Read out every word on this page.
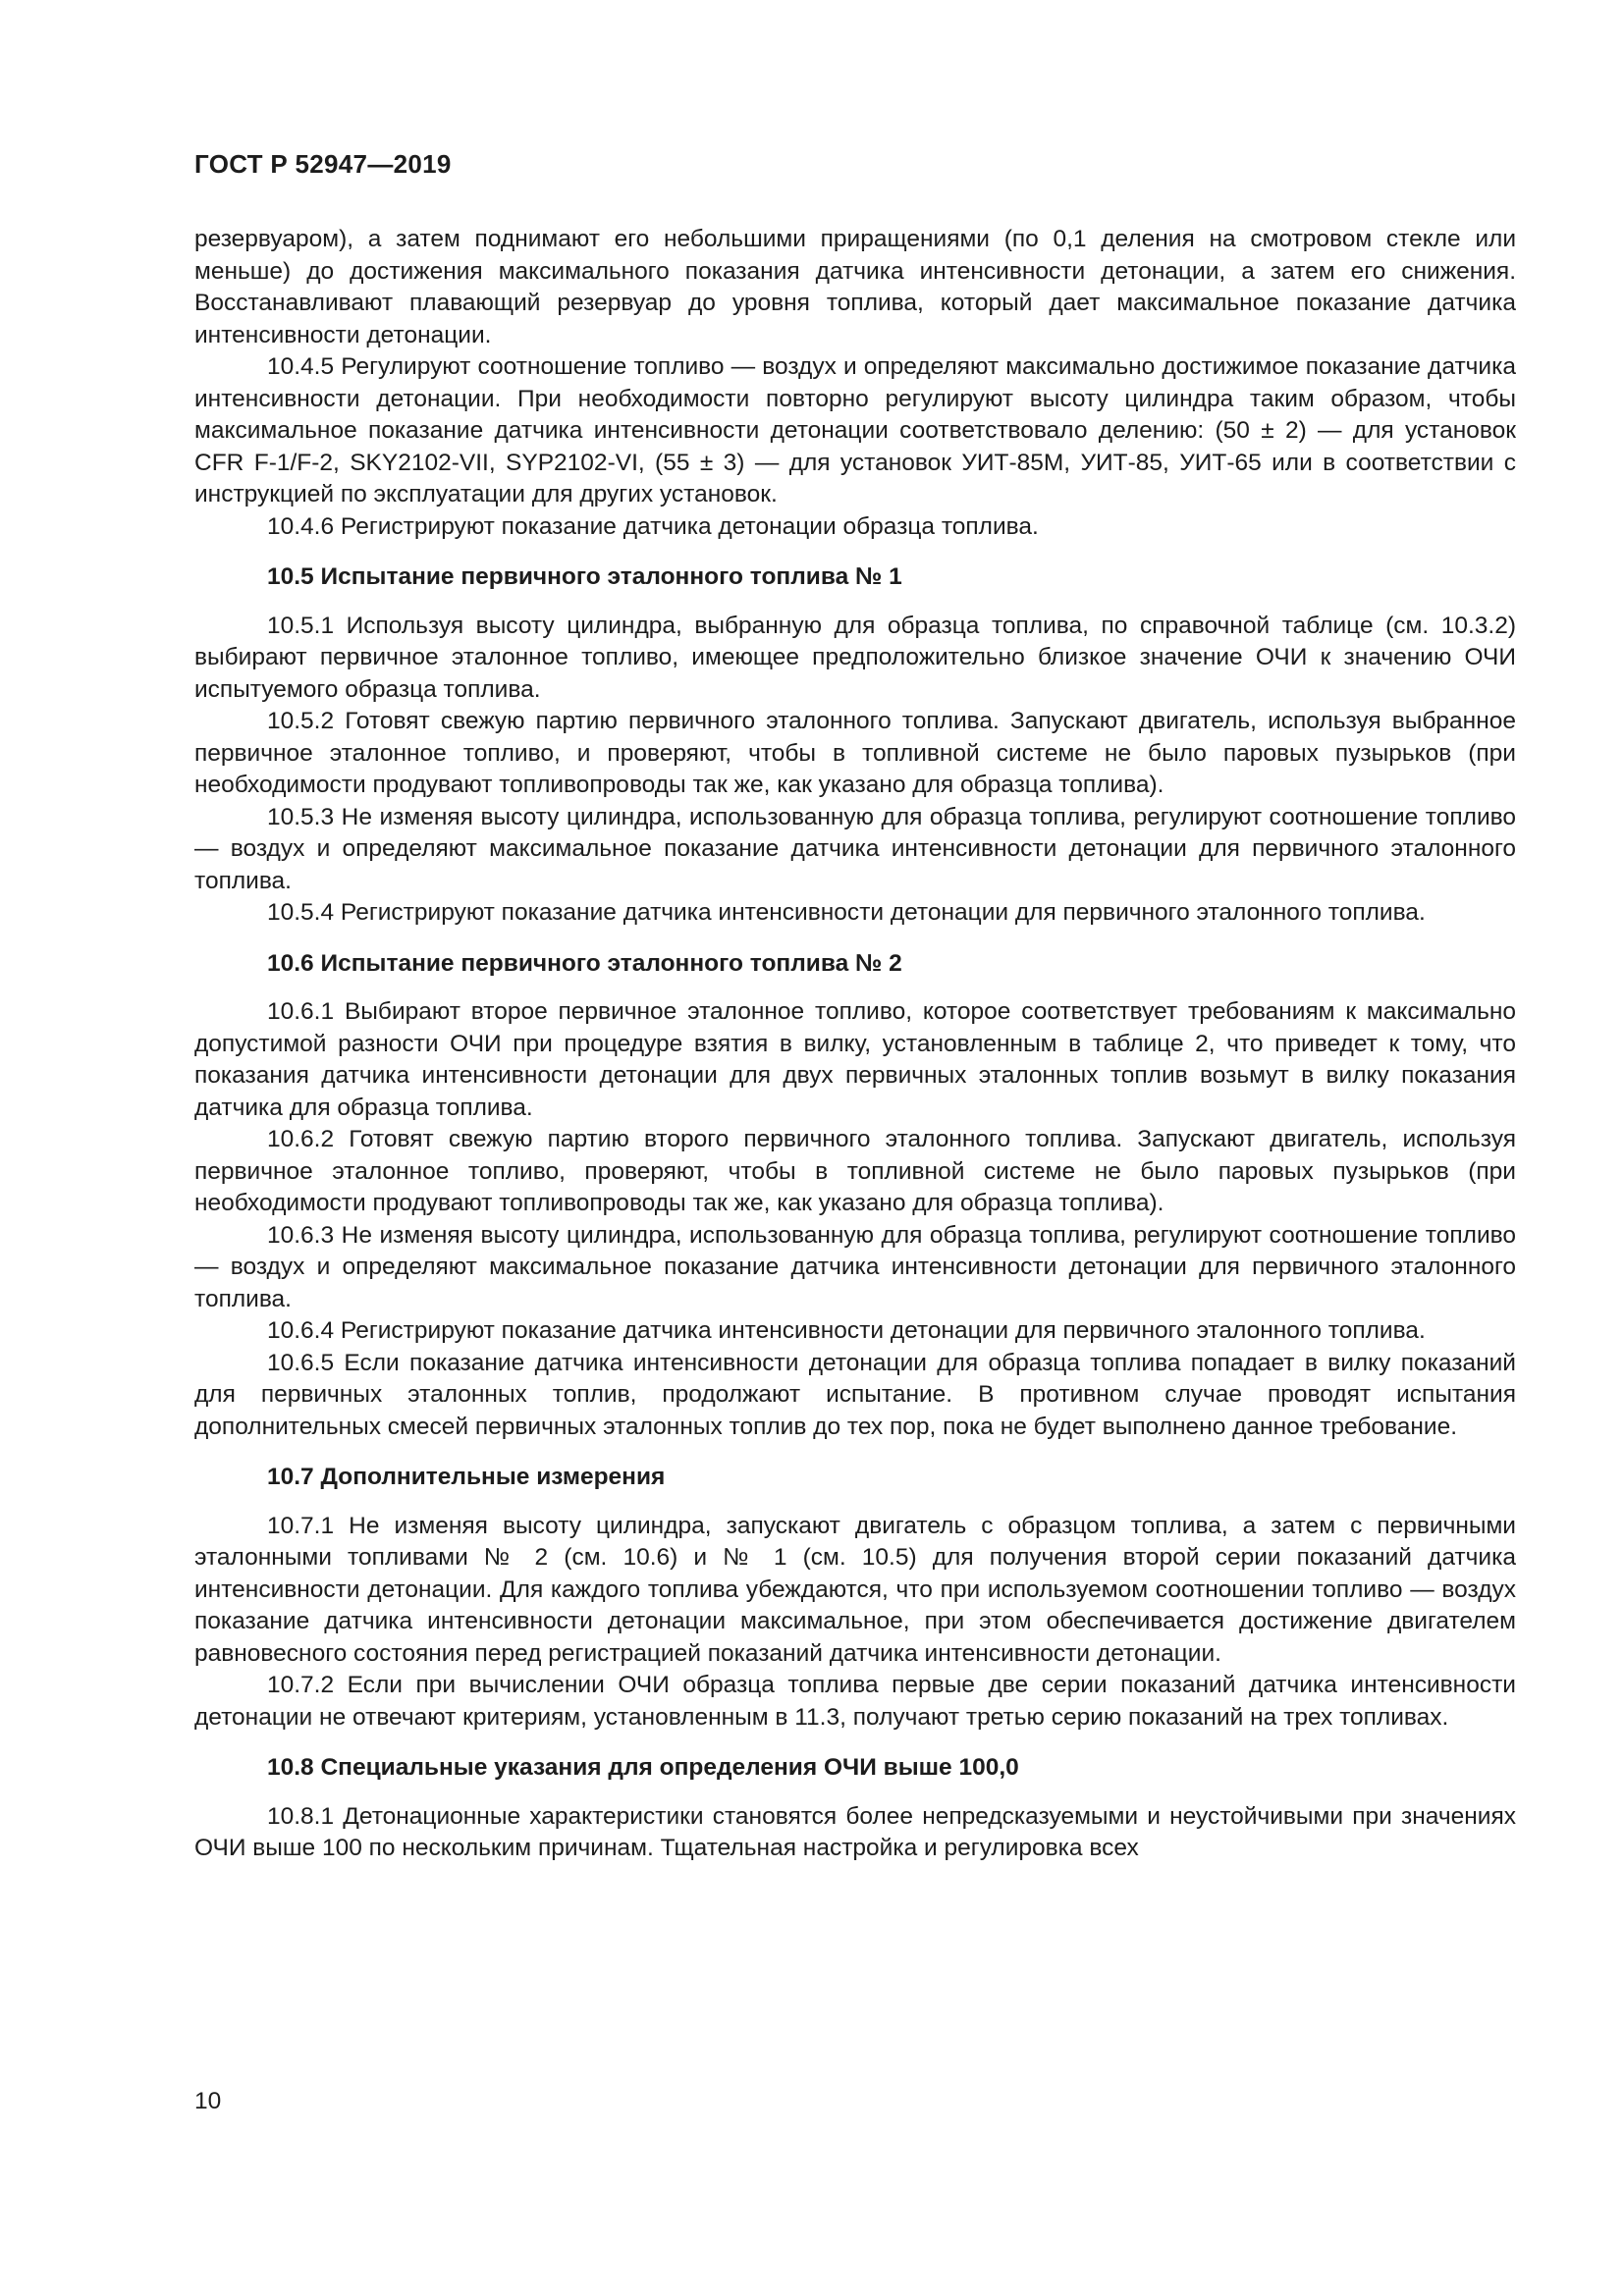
ГОСТ Р 52947—2019

резервуаром), а затем поднимают его небольшими приращениями (по 0,1 деления на смотровом стекле или меньше) до достижения максимального показания датчика интенсивности детонации, а затем его снижения. Восстанавливают плавающий резервуар до уровня топлива, который дает максимальное показание датчика интенсивности детонации.

10.4.5 Регулируют соотношение топливо — воздух и определяют максимально достижимое показание датчика интенсивности детонации. При необходимости повторно регулируют высоту цилиндра таким образом, чтобы максимальное показание датчика интенсивности детонации соответствовало делению: (50 ± 2) — для установок CFR F-1/F-2, SKY2102-VII, SYP2102-VI, (55 ± 3) — для установок УИТ-85М, УИТ-85, УИТ-65 или в соответствии с инструкцией по эксплуатации для других установок.

10.4.6 Регистрируют показание датчика детонации образца топлива.

10.5 Испытание первичного эталонного топлива № 1

10.5.1 Используя высоту цилиндра, выбранную для образца топлива, по справочной таблице (см. 10.3.2) выбирают первичное эталонное топливо, имеющее предположительно близкое значение ОЧИ к значению ОЧИ испытуемого образца топлива.

10.5.2 Готовят свежую партию первичного эталонного топлива. Запускают двигатель, используя выбранное первичное эталонное топливо, и проверяют, чтобы в топливной системе не было паровых пузырьков (при необходимости продувают топливопроводы так же, как указано для образца топлива).

10.5.3 Не изменяя высоту цилиндра, использованную для образца топлива, регулируют соотношение топливо — воздух и определяют максимальное показание датчика интенсивности детонации для первичного эталонного топлива.

10.5.4 Регистрируют показание датчика интенсивности детонации для первичного эталонного топлива.

10.6 Испытание первичного эталонного топлива № 2

10.6.1 Выбирают второе первичное эталонное топливо, которое соответствует требованиям к максимально допустимой разности ОЧИ при процедуре взятия в вилку, установленным в таблице 2, что приведет к тому, что показания датчика интенсивности детонации для двух первичных эталонных топлив возьмут в вилку показания датчика для образца топлива.

10.6.2 Готовят свежую партию второго первичного эталонного топлива. Запускают двигатель, используя первичное эталонное топливо, проверяют, чтобы в топливной системе не было паровых пузырьков (при необходимости продувают топливопроводы так же, как указано для образца топлива).

10.6.3 Не изменяя высоту цилиндра, использованную для образца топлива, регулируют соотношение топливо — воздух и определяют максимальное показание датчика интенсивности детонации для первичного эталонного топлива.

10.6.4 Регистрируют показание датчика интенсивности детонации для первичного эталонного топлива.

10.6.5 Если показание датчика интенсивности детонации для образца топлива попадает в вилку показаний для первичных эталонных топлив, продолжают испытание. В противном случае проводят испытания дополнительных смесей первичных эталонных топлив до тех пор, пока не будет выполнено данное требование.

10.7 Дополнительные измерения

10.7.1 Не изменяя высоту цилиндра, запускают двигатель с образцом топлива, а затем с первичными эталонными топливами № 2 (см. 10.6) и № 1 (см. 10.5) для получения второй серии показаний датчика интенсивности детонации. Для каждого топлива убеждаются, что при используемом соотношении топливо — воздух показание датчика интенсивности детонации максимальное, при этом обеспечивается достижение двигателем равновесного состояния перед регистрацией показаний датчика интенсивности детонации.

10.7.2 Если при вычислении ОЧИ образца топлива первые две серии показаний датчика интенсивности детонации не отвечают критериям, установленным в 11.3, получают третью серию показаний на трех топливах.

10.8 Специальные указания для определения ОЧИ выше 100,0

10.8.1 Детонационные характеристики становятся более непредсказуемыми и неустойчивыми при значениях ОЧИ выше 100 по нескольким причинам. Тщательная настройка и регулировка всех

10
